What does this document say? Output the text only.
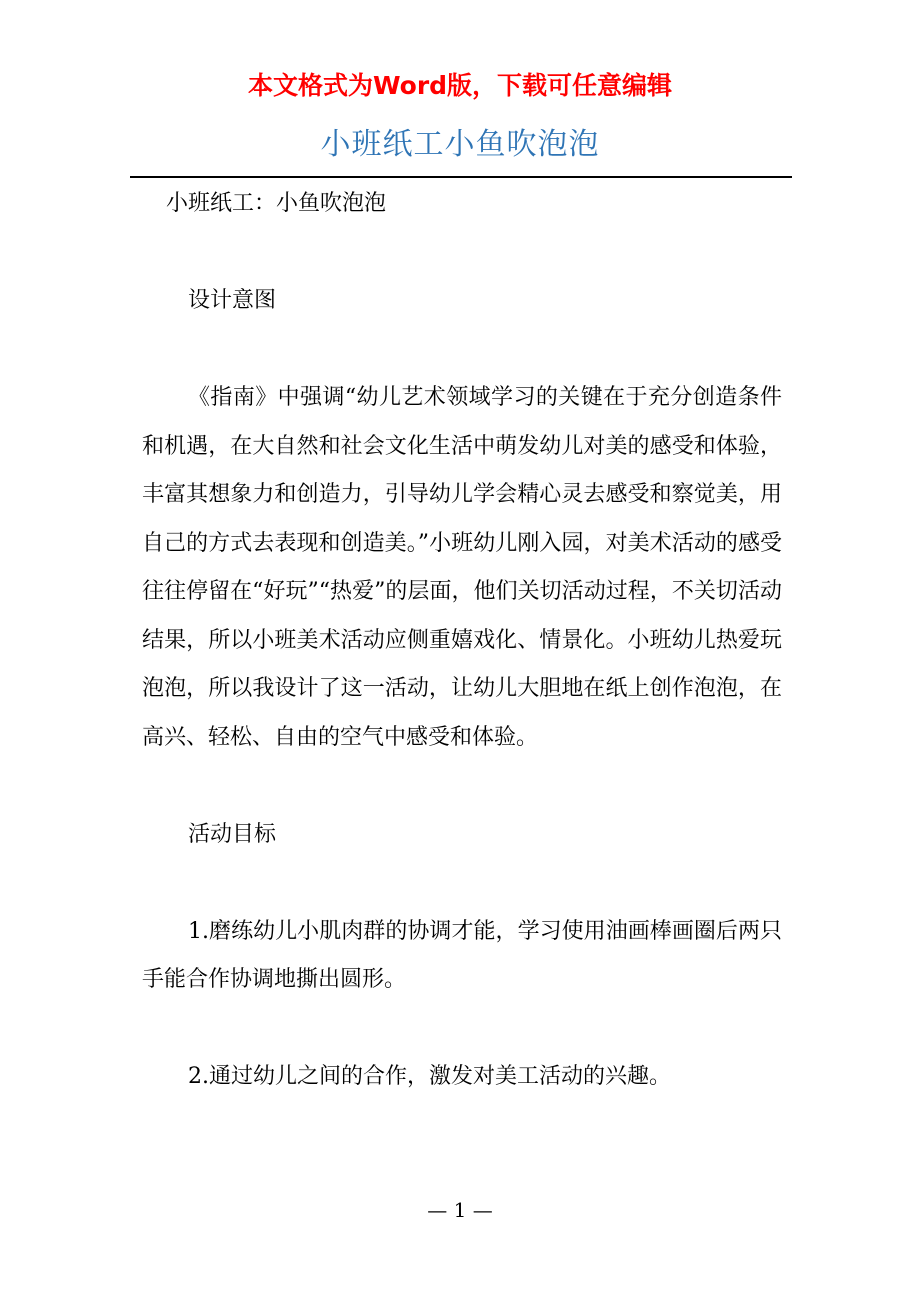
本文格式为Word版，下载可任意编辑
小班纸工小鱼吹泡泡

小班纸工：小鱼吹泡泡

设计意图

《指南》中强调“幼儿艺术领域学习的关键在于充分创造条件和机遇，在大自然和社会文化生活中萌发幼儿对美的感受和体验，丰富其想象力和创造力，引导幼儿学会精心灵去感受和察觉美，用自己的方式去表现和创造美。”小班幼儿刚入园，对美术活动的感受往往停留在“好玩”“热爱”的层面，他们关切活动过程，不关切活动结果，所以小班美术活动应侧重嬉戏化、情景化。小班幼儿热爱玩泡泡，所以我设计了这一活动，让幼儿大胆地在纸上创作泡泡，在高兴、轻松、自由的空气中感受和体验。

活动目标

1.磨练幼儿小肌肉群的协调才能，学习使用油画棒画圈后两只手能合作协调地撕出圆形。

2.通过幼儿之间的合作，激发对美工活动的兴趣。

— 1 —
